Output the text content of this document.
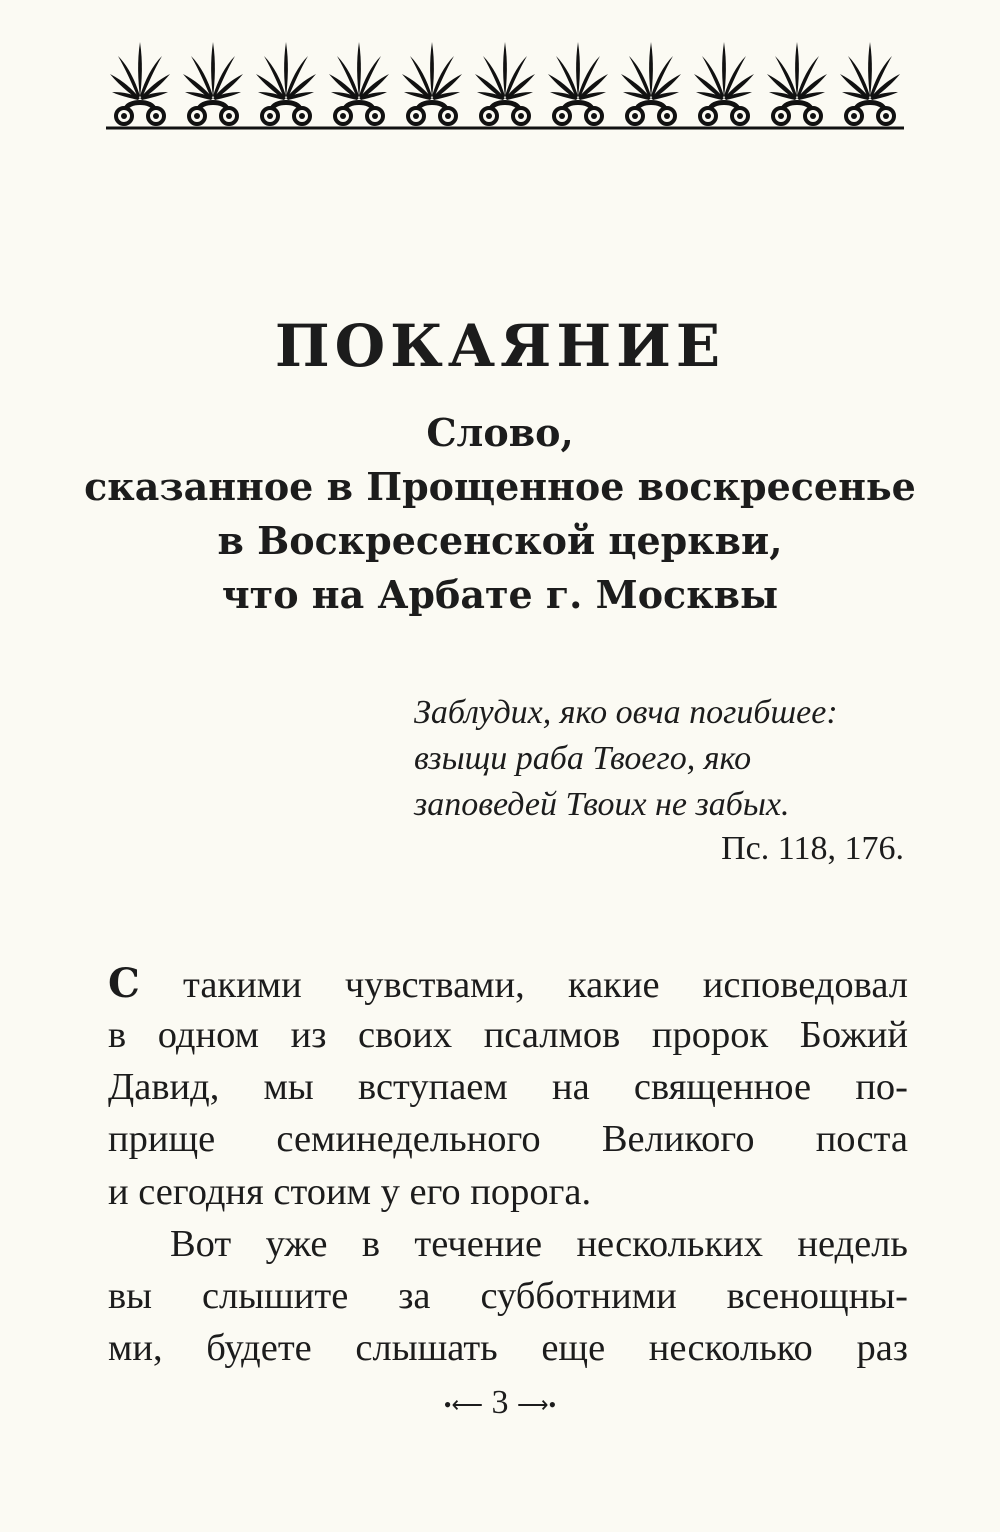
ПОКАЯНИЕ

Слово,

сказанное в Прощенное воскресенье

в Воскресенской церкви,

что на Арбате г. Москвы

Заблудих, яко овча погибшее:

взыщи раба Твоего, яко

заповедей Твоих не забых.

Пс. 118, 176.

С такими чувствами, какие исповедовал

в одном из своих псалмов пророк Божий

Давид, мы вступаем на священное по-

прище семинедельного Великого поста

и сегодня стоим у его порога.

Вот уже в течение нескольких недель

вы слышите за субботними всенощны-

ми, будете слышать еще несколько раз

•⟵ 3 ⟶•
